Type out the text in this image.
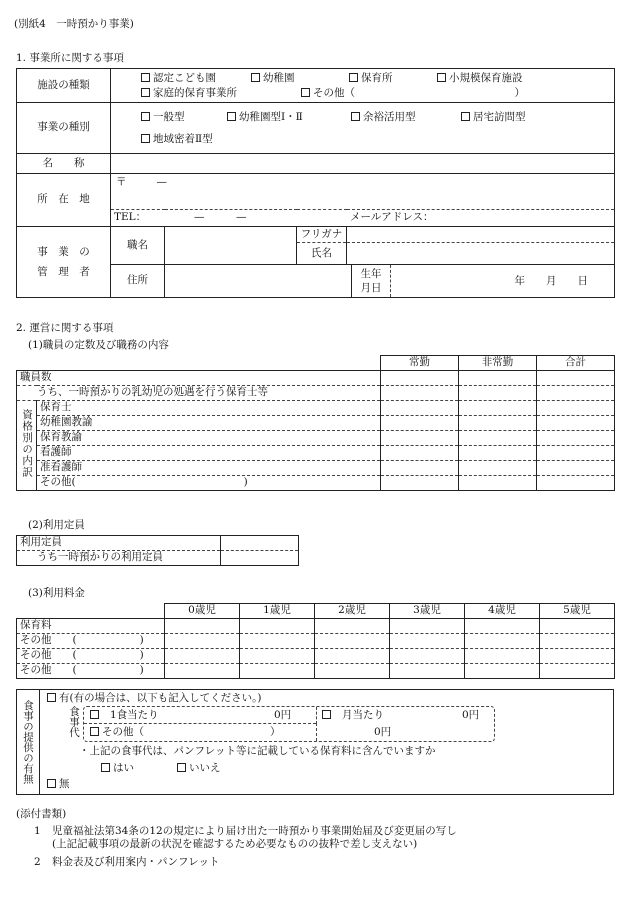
(別紙4　一時預かり事業)
1. 事業所に関する事項
施設の種類	認定こども園 幼稚園 保育所 小規模保育施設
家庭的保育事業所 その他（ ）			

事業の種別	一般型 幼稚園型Ⅰ・Ⅱ 余裕活用型 居宅訪問型
地域密着Ⅱ型			

名　　称				
所　在　地	〒 —			
	TEL： —　　　— メールアドレス：			

事　業　の
管　理　者	職名		フリガナ	
			氏名	
	住所	生年
月日
年　　月　　日		
2. 運営に関する事項
(1)職員の定数及び職務の内容
		常勤	非常勤	合計
職員数				
うち、一時預かりの乳幼児の処遇を行う保育士等				
資格別の内訳	保育士			
	幼稚園教諭			
	保育教諭			
	看護師			
	准看護師			
	その他(　　　　　　　　　　　　　　　　)			
(2)利用定員
利用定員	
うち一時預かりの利用定員	
(3)利用料金
	0歳児	1歳児	2歳児	3歳児	4歳児	5歳児
保育料						
その他　　(　　　　　　)						
その他　　(　　　　　　)						
その他　　(　　　　　　)						
食事の提供の有無
有(有の場合は、以下も記入してください。)
食事代	1食当たり	0円	月当たり	0円
その他（　　　　　　　　　　　　）	0円
・上記の食事代は、パンフレット等に記載している保育料に含んでいますか
はい	いいえ
無
(添付書類)
1 児童福祉法第34条の12の規定により届け出た一時預かり事業開始届及び変更届の写し
(上記記載事項の最新の状況を確認するため必要なものの抜粋で差し支えない)
2 料金表及び利用案内・パンフレット
